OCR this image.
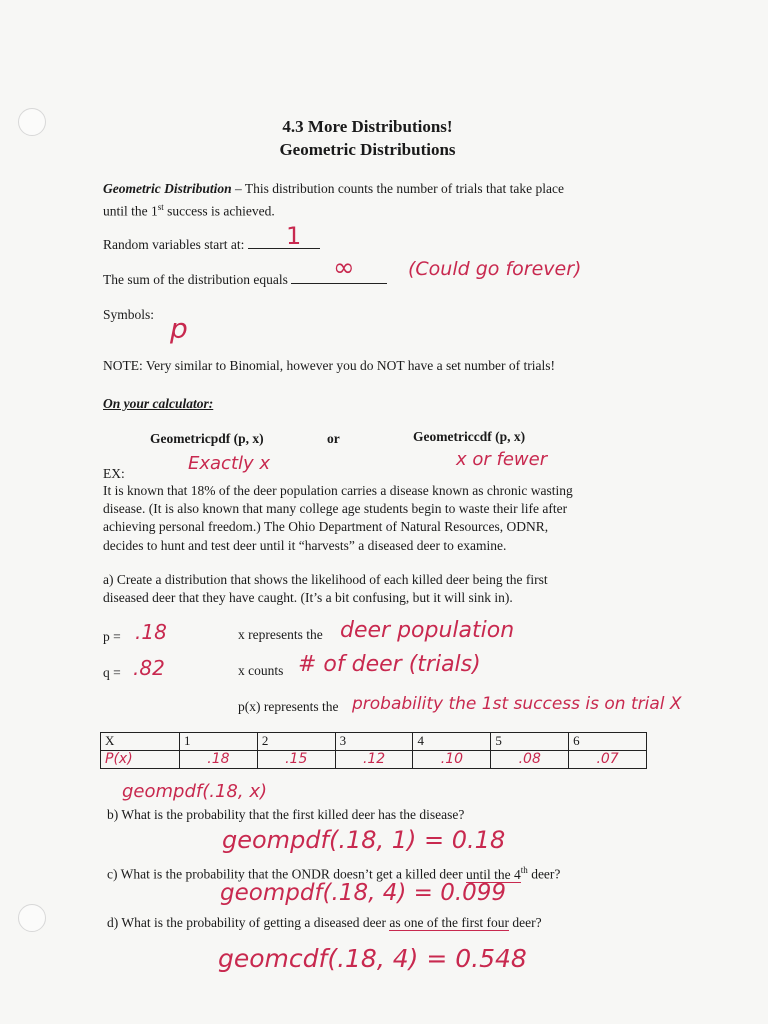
4.3 More Distributions!
Geometric Distributions
Geometric Distribution – This distribution counts the number of trials that take place
until the 1st success is achieved.
Random variables start at:	1
The sum of the distribution equals	∞	(Could go forever)
Symbols: p
NOTE: Very similar to Binomial, however you do NOT have a set number of trials!
On your calculator:
Geometricpdf (p, x)	or	Geometriccdf (p, x)
Exactly x	x or fewer
EX:
It is known that 18% of the deer population carries a disease known as chronic wasting
disease. (It is also known that many college age students begin to waste their life after
achieving personal freedom.) The Ohio Department of Natural Resources, ODNR,
decides to hunt and test deer until it “harvests” a diseased deer to examine.
a) Create a distribution that shows the likelihood of each killed deer being the first
diseased deer that they have caught. (It’s a bit confusing, but it will sink in).
p = .18
q = .82
x represents the deer population
x counts # of deer (trials)
p(x) represents the probability the 1st success is on trial X
X	1	2	3	4	5	6
P(x)	.18	.15	.12	.10	.08	.07
geompdf(.18, x)
b) What is the probability that the first killed deer has the disease?
geompdf(.18, 1) = 0.18
c) What is the probability that the ONDR doesn’t get a killed deer until the 4th deer?
geompdf(.18, 4) = 0.099
d) What is the probability of getting a diseased deer as one of the first four deer?
geomcdf(.18, 4) = 0.548
